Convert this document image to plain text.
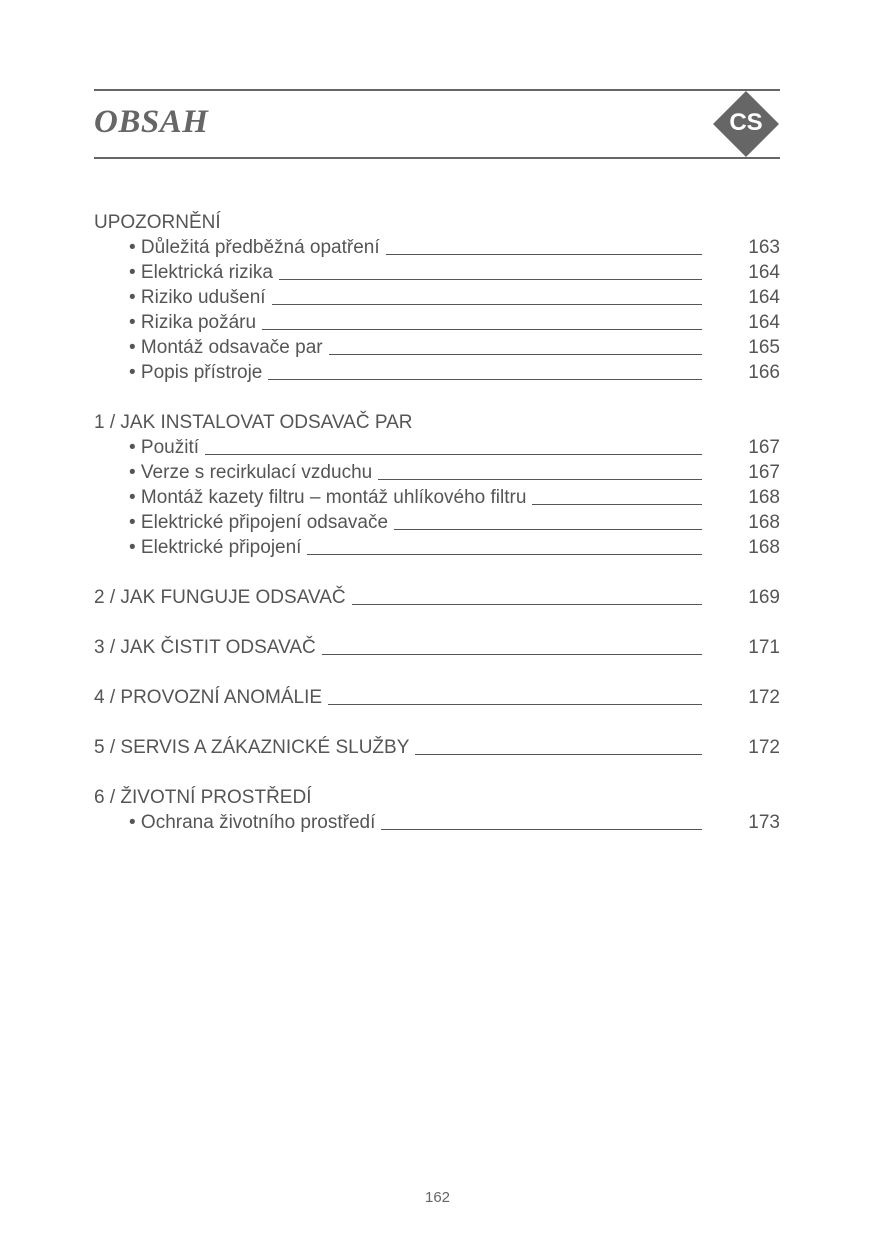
OBSAH	CS
UPOZORNĚNÍ
• Důležitá předběžná opatření	163
• Elektrická rizika	164
• Riziko udušení	164
• Rizika požáru	164
• Montáž odsavače par	165
• Popis přístroje	166
1 / JAK INSTALOVAT ODSAVAČ PAR
• Použití	167
• Verze s recirkulací vzduchu	167
• Montáž kazety filtru – montáž uhlíkového filtru	168
• Elektrické připojení odsavače	168
• Elektrické připojení	168
2 / JAK FUNGUJE ODSAVAČ	169
3 / JAK ČISTIT ODSAVAČ	171
4 / PROVOZNÍ ANOMÁLIE	172
5 / SERVIS A ZÁKAZNICKÉ SLUŽBY	172
6 / ŽIVOTNÍ PROSTŘEDÍ
• Ochrana životního prostředí	173
162
